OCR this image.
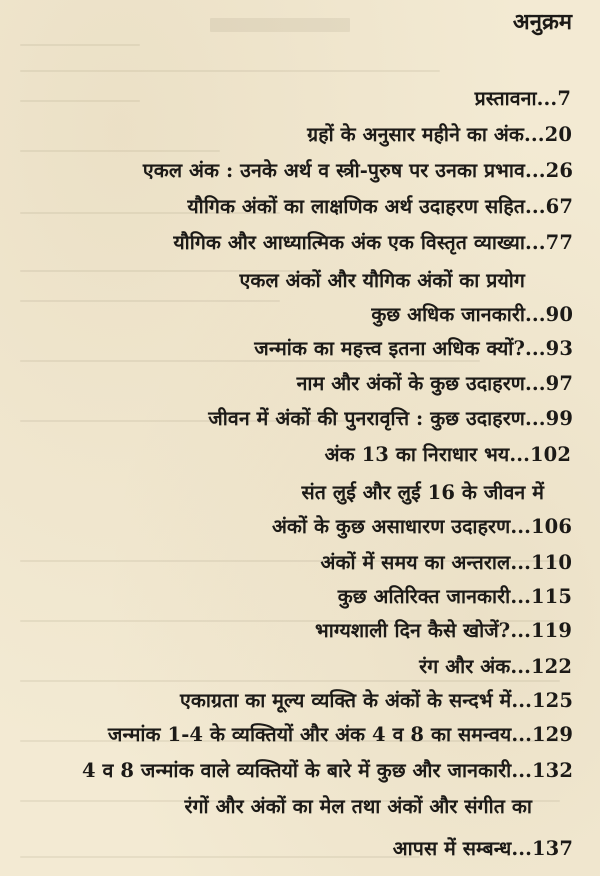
अनुक्रम
प्रस्तावना...7
ग्रहों के अनुसार महीने का अंक...20
एकल अंक : उनके अर्थ व स्त्री-पुरुष पर उनका प्रभाव...26
यौगिक अंकों का लाक्षणिक अर्थ उदाहरण सहित...67
यौगिक और आध्यात्मिक अंक एक विस्तृत व्याख्या...77
एकल अंकों और यौगिक अंकों का प्रयोग
कुछ अधिक जानकारी...90
जन्मांक का महत्त्व इतना अधिक क्यों?...93
नाम और अंकों के कुछ उदाहरण...97
जीवन में अंकों की पुनरावृत्ति : कुछ उदाहरण...99
अंक 13 का निराधार भय...102
संत लुई और लुई 16 के जीवन में
अंकों के कुछ असाधारण उदाहरण...106
अंकों में समय का अन्तराल...110
कुछ अतिरिक्त जानकारी...115
भाग्यशाली दिन कैसे खोजें?...119
रंग और अंक...122
एकाग्रता का मूल्य व्यक्ति के अंकों के सन्दर्भ में...125
जन्मांक 1-4 के व्यक्तियों और अंक 4 व 8 का समन्वय...129
4 व 8 जन्मांक वाले व्यक्तियों के बारे में कुछ और जानकारी...132
रंगों और अंकों का मेल तथा अंकों और संगीत का
आपस में सम्बन्ध...137
